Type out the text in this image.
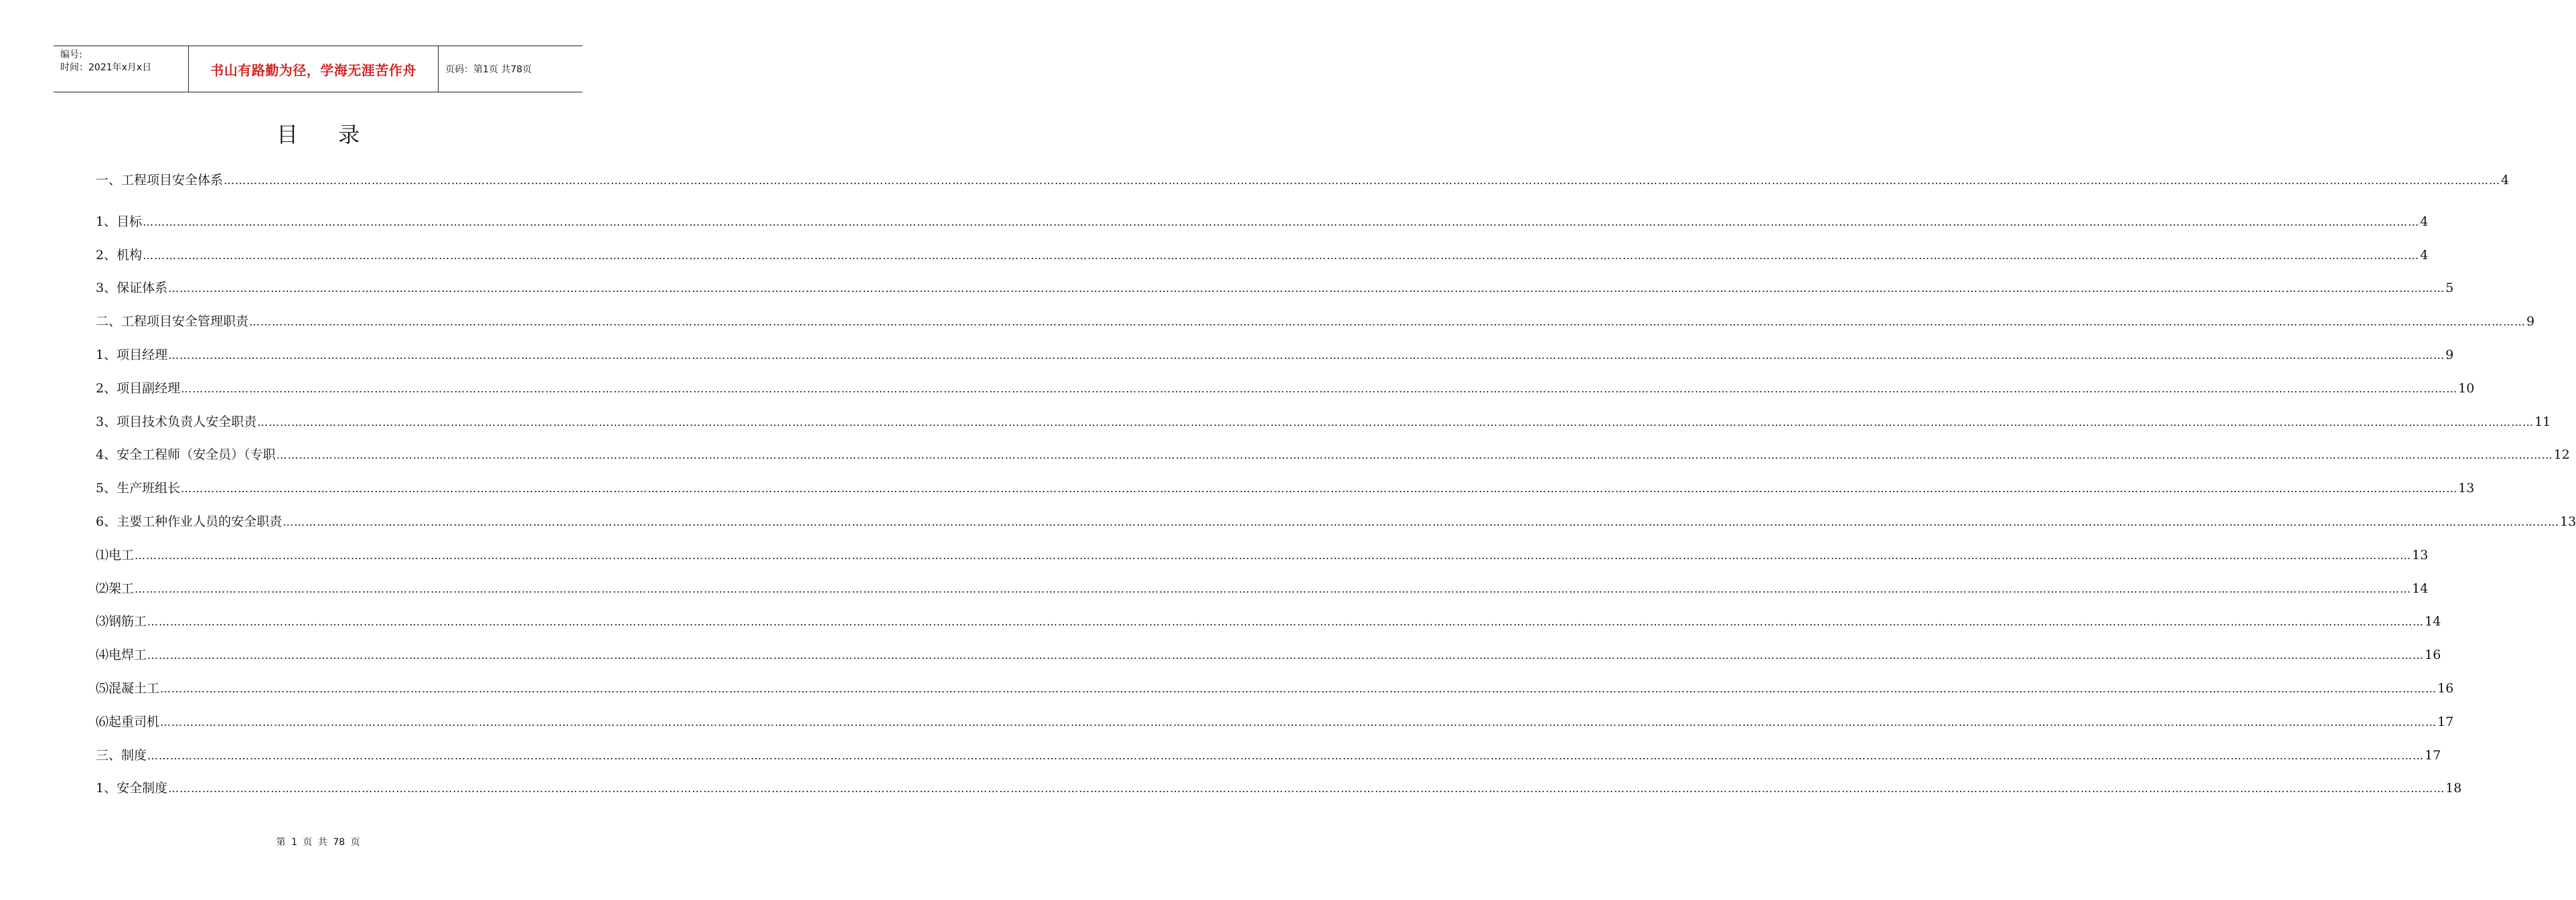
编号:
时间：2021年x月x日	书山有路勤为径，学海无涯苦作舟	页码：第1页 共78页
目录
一、工程项目安全体系 …………………………………………………………………………………………………………………………………………………………………………………………………………………………………………………………………………………………………………………………………………………………………………………………………………………………………………………………………………………………………………………………………………………… 4
1、目标 …………………………………………………………………………………………………………………………………………………………………………………………………………………………………………………………………………………………………………………………………………………………………………………………………………………………………………………………………………………………………………………………………………………… 4
2、机构 …………………………………………………………………………………………………………………………………………………………………………………………………………………………………………………………………………………………………………………………………………………………………………………………………………………………………………………………………………………………………………………………………………………… 4
3、保证体系 …………………………………………………………………………………………………………………………………………………………………………………………………………………………………………………………………………………………………………………………………………………………………………………………………………………………………………………………………………………………………………………………………………………… 5
二、工程项目安全管理职责 …………………………………………………………………………………………………………………………………………………………………………………………………………………………………………………………………………………………………………………………………………………………………………………………………………………………………………………………………………………………………………………………………………………… 9
1、项目经理 …………………………………………………………………………………………………………………………………………………………………………………………………………………………………………………………………………………………………………………………………………………………………………………………………………………………………………………………………………………………………………………………………………………… 9
2、项目副经理 …………………………………………………………………………………………………………………………………………………………………………………………………………………………………………………………………………………………………………………………………………………………………………………………………………………………………………………………………………………………………………………………………………………… 10
3、项目技术负责人安全职责 …………………………………………………………………………………………………………………………………………………………………………………………………………………………………………………………………………………………………………………………………………………………………………………………………………………………………………………………………………………………………………………………………………………… 11
4、安全工程师（安全员）（专职 …………………………………………………………………………………………………………………………………………………………………………………………………………………………………………………………………………………………………………………………………………………………………………………………………………………………………………………………………………………………………………………………………………………… 12
5、生产班组长 …………………………………………………………………………………………………………………………………………………………………………………………………………………………………………………………………………………………………………………………………………………………………………………………………………………………………………………………………………………………………………………………………………………… 13
6、主要工种作业人员的安全职责 …………………………………………………………………………………………………………………………………………………………………………………………………………………………………………………………………………………………………………………………………………………………………………………………………………………………………………………………………………………………………………………………………………………… 13
⑴电工 …………………………………………………………………………………………………………………………………………………………………………………………………………………………………………………………………………………………………………………………………………………………………………………………………………………………………………………………………………………………………………………………………………………… 13
⑵架工 …………………………………………………………………………………………………………………………………………………………………………………………………………………………………………………………………………………………………………………………………………………………………………………………………………………………………………………………………………………………………………………………………………………… 14
⑶钢筋工 …………………………………………………………………………………………………………………………………………………………………………………………………………………………………………………………………………………………………………………………………………………………………………………………………………………………………………………………………………………………………………………………………………………… 14
⑷电焊工 …………………………………………………………………………………………………………………………………………………………………………………………………………………………………………………………………………………………………………………………………………………………………………………………………………………………………………………………………………………………………………………………………………………… 16
⑸混凝土工 …………………………………………………………………………………………………………………………………………………………………………………………………………………………………………………………………………………………………………………………………………………………………………………………………………………………………………………………………………………………………………………………………………………… 16
⑹起重司机 …………………………………………………………………………………………………………………………………………………………………………………………………………………………………………………………………………………………………………………………………………………………………………………………………………………………………………………………………………………………………………………………………………………… 17
三、制度 …………………………………………………………………………………………………………………………………………………………………………………………………………………………………………………………………………………………………………………………………………………………………………………………………………………………………………………………………………………………………………………………………………………… 17
1、安全制度 …………………………………………………………………………………………………………………………………………………………………………………………………………………………………………………………………………………………………………………………………………………………………………………………………………………………………………………………………………………………………………………………………………………… 18
第 1 页 共 78 页
